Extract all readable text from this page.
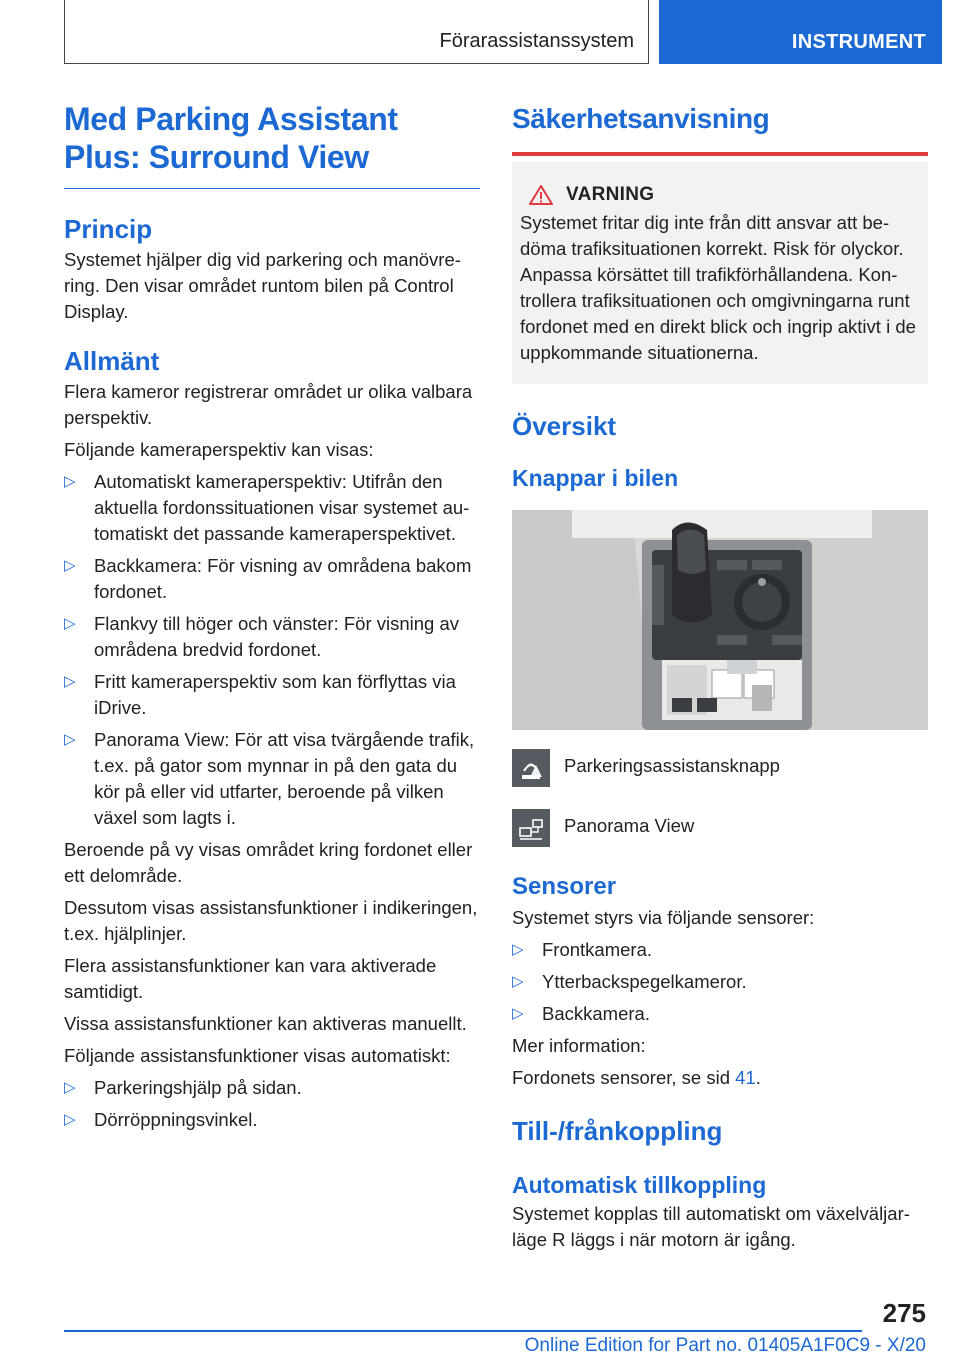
Förarassistanssystem	INSTRUMENT
Med Parking Assistant Plus: Surround View
Princip

Systemet hjälper dig vid parkering och manövrering. Den visar området runtom bilen på Control Display.

Allmänt

Flera kameror registrerar området ur olika valbara perspektiv.

Följande kameraperspektiv kan visas:

▷ Automatiskt kameraperspektiv: Utifrån den aktuella fordonssituationen visar systemet automatiskt det passande kameraperspektivet.
▷ Backkamera: För visning av områdena bakom fordonet.
▷ Flankvy till höger och vänster: För visning av områdena bredvid fordonet.
▷ Fritt kameraperspektiv som kan förflyttas via iDrive.
▷ Panorama View: För att visa tvärgående trafik, t.ex. på gator som mynnar in på den gata du kör på eller vid utfarter, beroende på vilken växel som lagts i.

Beroende på vy visas området kring fordonet eller ett delområde.

Dessutom visas assistansfunktioner i indikeringen, t.ex. hjälplinjer.

Flera assistansfunktioner kan vara aktiverade samtidigt.

Vissa assistansfunktioner kan aktiveras manuellt.

Följande assistansfunktioner visas automatiskt:

▷ Parkeringshjälp på sidan.
▷ Dörröppningsvinkel.
Säkerhetsanvisning
VARNING

Systemet fritar dig inte från ditt ansvar att bedöma trafiksituationen korrekt. Risk för olyckor. Anpassa körsättet till trafikförhållandena. Kontrollera trafiksituationen och omgivningarna runt fordonet med en direkt blick och ingrip aktivt i de uppkommande situationerna.

Översikt
Knappar i bilen

Parkeringsassistansknapp

Panorama View

Sensorer

Systemet styrs via följande sensorer:

▷ Frontkamera.
▷ Ytterbackspegelkameror.
▷ Backkamera.

Mer information:

Fordonets sensorer, se sid 41.

Till-/frånkoppling
Automatisk tillkoppling

Systemet kopplas till automatiskt om växelväljarläge R läggs i när motorn är igång.

275
Online Edition for Part no. 01405A1F0C9 - X/20
